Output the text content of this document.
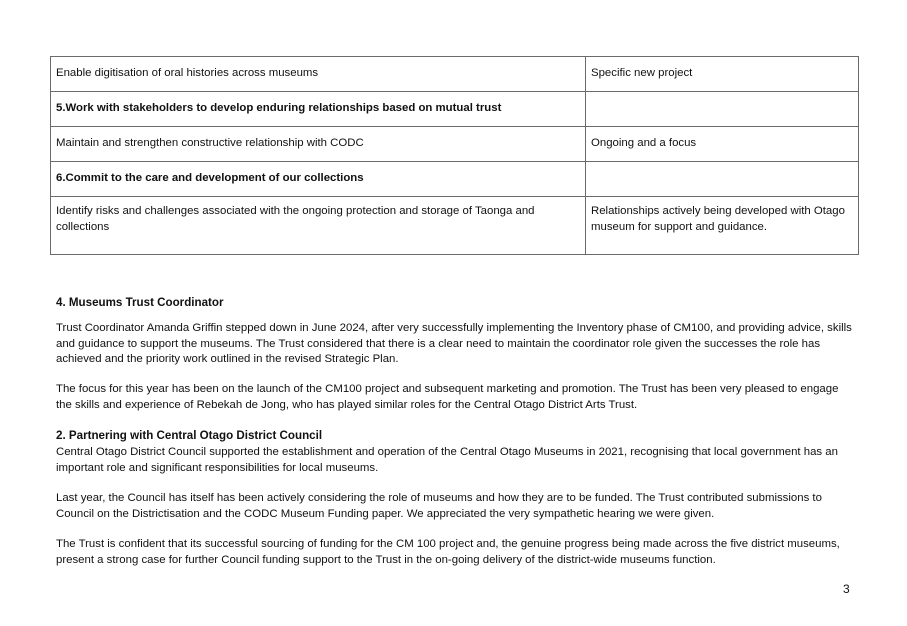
Enable digitisation of oral histories across museums	Specific new project
5.Work with stakeholders to develop enduring relationships based on mutual trust	
Maintain and strengthen constructive relationship with CODC	Ongoing and a focus
6.Commit to the care and development of our collections	
Identify risks and challenges associated with the ongoing protection and storage of Taonga and collections	Relationships actively being developed with Otago museum for support and guidance.
4. Museums Trust Coordinator

Trust Coordinator Amanda Griffin stepped down in June 2024, after very successfully implementing the Inventory phase of CM100, and providing advice, skills and guidance to support the museums. The Trust considered that there is a clear need to maintain the coordinator role given the successes the role has achieved and the priority work outlined in the revised Strategic Plan.

The focus for this year has been on the launch of the CM100 project and subsequent marketing and promotion. The Trust has been very pleased to engage the skills and experience of Rebekah de Jong, who has played similar roles for the Central Otago District Arts Trust.

2. Partnering with Central Otago District Council

Central Otago District Council supported the establishment and operation of the Central Otago Museums in 2021, recognising that local government has an important role and significant responsibilities for local museums.

Last year, the Council has itself has been actively considering the role of museums and how they are to be funded. The Trust contributed submissions to Council on the Districtisation and the CODC Museum Funding paper. We appreciated the very sympathetic hearing we were given.

The Trust is confident that its successful sourcing of funding for the CM 100 project and, the genuine progress being made across the five district museums, present a strong case for further Council funding support to the Trust in the on-going delivery of the district-wide museums function.

3
